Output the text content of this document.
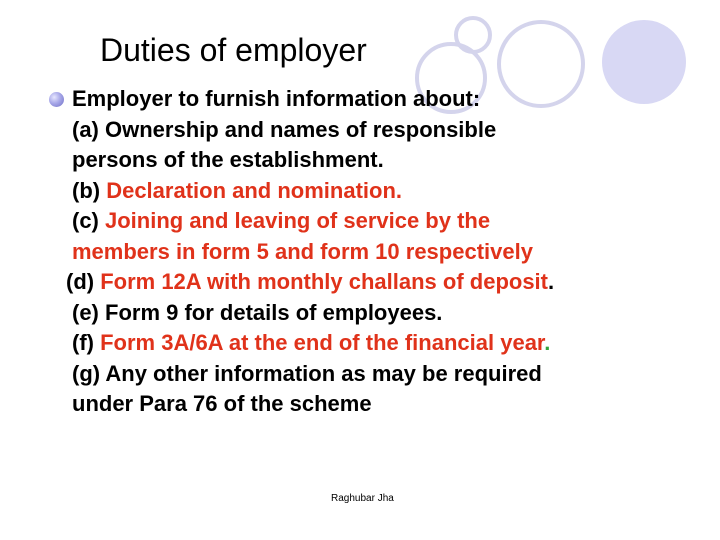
Duties of employer
Employer to furnish information about:
(a) Ownership and names of responsible
persons of the establishment.
(b) Declaration and nomination.
(c) Joining and leaving of service by the
members in form 5 and form 10 respectively
(d) Form 12A with monthly challans of deposit.
(e) Form 9 for details of employees.
(f) Form 3A/6A at the end of the financial year.
(g) Any other information as may be required
under Para 76 of the scheme
Raghubar Jha
